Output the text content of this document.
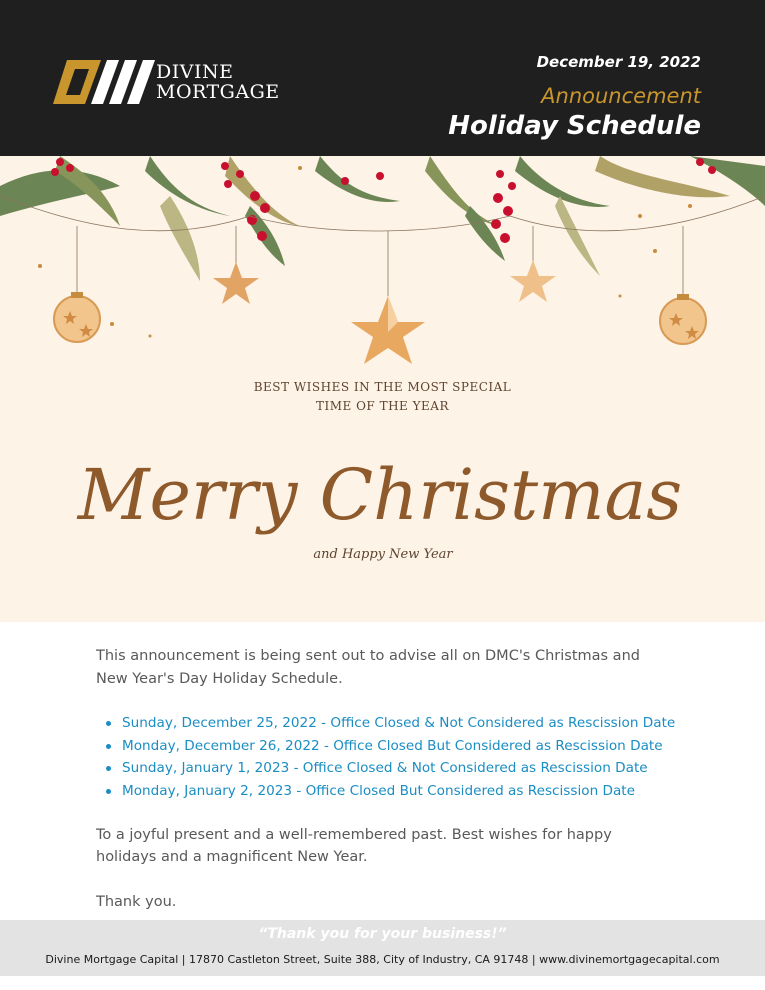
DIVINE
MORTGAGE
December 19, 2022
Announcement
Holiday Schedule
Merry Christmas
and Happy New Year
BEST WISHES IN THE MOST SPECIAL
TIME OF THE YEAR

This announcement is being sent out to advise all on DMC's Christmas and New Year's Day Holiday Schedule.

Sunday, December 25, 2022 - Office Closed & Not Considered as Rescission Date
Monday, December 26, 2022 - Office Closed But Considered as Rescission Date
Sunday, January 1, 2023 - Office Closed & Not Considered as Rescission Date
Monday, January 2, 2023 - Office Closed But Considered as Rescission Date

To a joyful present and a well-remembered past. Best wishes for happy holidays and a magnificent New Year.

Thank you.

“Thank you for your business!”
Divine Mortgage Capital | 17870 Castleton Street, Suite 388, City of Industry, CA 91748 | www.divinemortgagecapital.com
